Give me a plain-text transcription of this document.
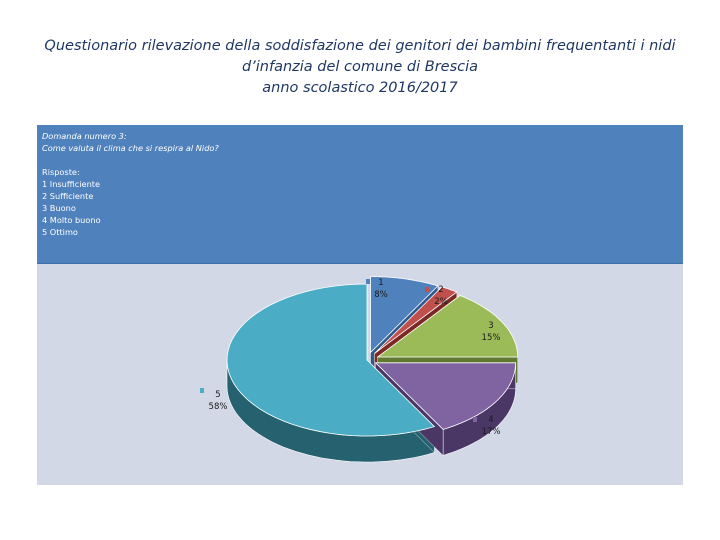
Questionario rilevazione della soddisfazione dei genitori dei bambini frequentanti i nidi
d’infanzia del comune di Brescia
anno scolastico 2016/2017
Domanda numero 3:
Come valuta il clima che si respira al Nido?
Risposte:
1 Insufficiente
2 Sufficiente
3 Buono
4 Molto buono
5 Ottimo
1
8%	2
2%
3
15%
4
17%
5
58%
